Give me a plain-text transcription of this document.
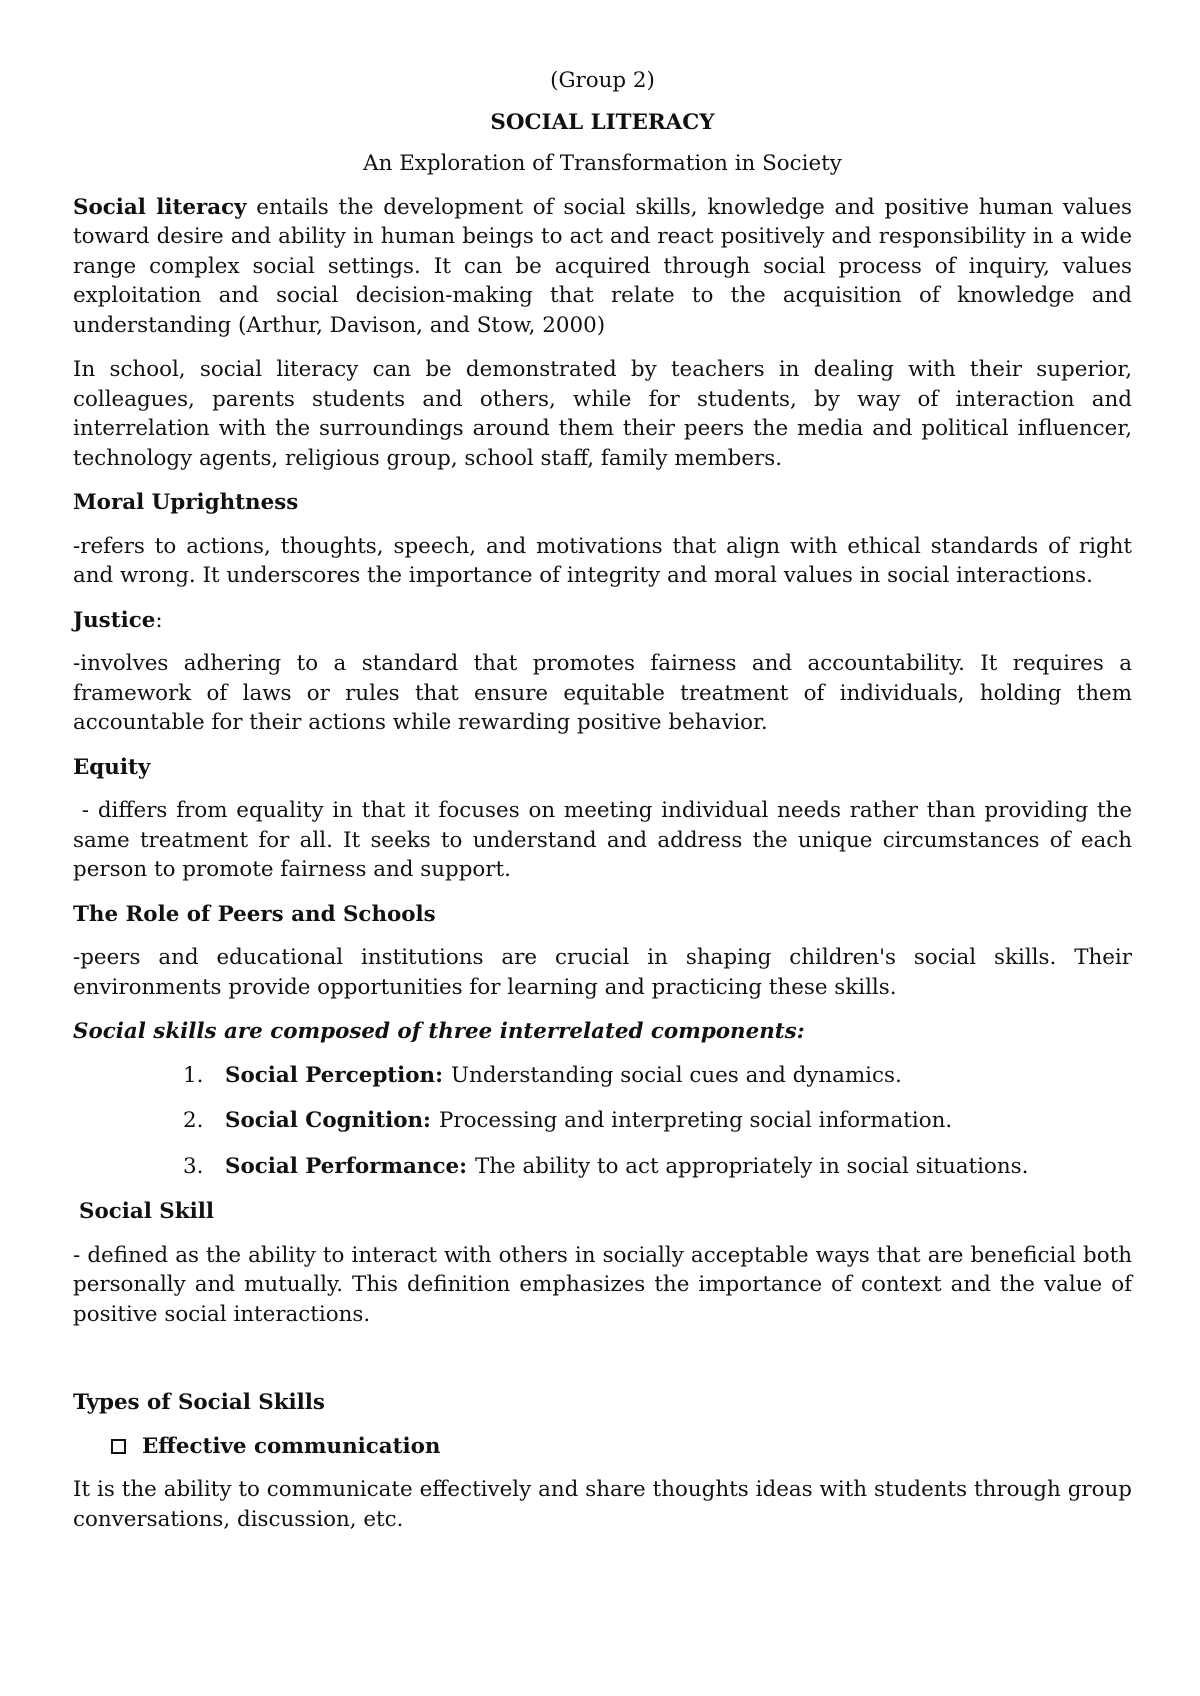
(Group 2)
SOCIAL LITERACY
An Exploration of Transformation in Society

Social literacy entails the development of social skills, knowledge and positive human values toward desire and ability in human beings to act and react positively and responsibility in a wide range complex social settings. It can be acquired through social process of inquiry, values exploitation and social decision-making that relate to the acquisition of knowledge and understanding (Arthur, Davison, and Stow, 2000)

In school, social literacy can be demonstrated by teachers in dealing with their superior, colleagues, parents students and others, while for students, by way of interaction and interrelation with the surroundings around them their peers the media and political influencer, technology agents, religious group, school staff, family members.

Moral Uprightness

-refers to actions, thoughts, speech, and motivations that align with ethical standards of right and wrong. It underscores the importance of integrity and moral values in social interactions.

Justice:

-involves adhering to a standard that promotes fairness and accountability. It requires a framework of laws or rules that ensure equitable treatment of individuals, holding them accountable for their actions while rewarding positive behavior.

Equity

- differs from equality in that it focuses on meeting individual needs rather than providing the same treatment for all. It seeks to understand and address the unique circumstances of each person to promote fairness and support.

The Role of Peers and Schools

-peers and educational institutions are crucial in shaping children's social skills. Their environments provide opportunities for learning and practicing these skills.

Social skills are composed of three interrelated components:
1.	Social Perception: Understanding social cues and dynamics.
2.	Social Cognition: Processing and interpreting social information.
3.	Social Performance: The ability to act appropriately in social situations.
Social Skill

- defined as the ability to interact with others in socially acceptable ways that are beneficial both personally and mutually. This definition emphasizes the importance of context and the value of positive social interactions.

Types of Social Skills
Effective communication

It is the ability to communicate effectively and share thoughts ideas with students through group conversations, discussion, etc.
